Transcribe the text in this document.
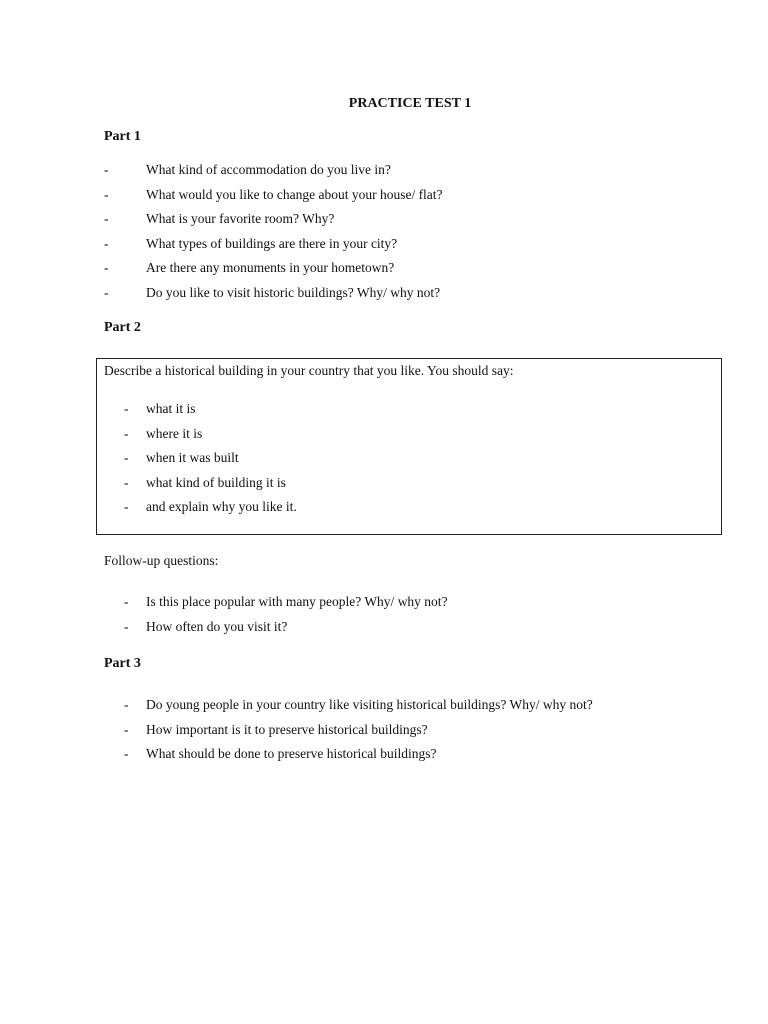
PRACTICE TEST 1
Part 1
-	What kind of accommodation do you live in?
-	What would you like to change about your house/ flat?
-	What is your favorite room? Why?
-	What types of buildings are there in your city?
-	Are there any monuments in your hometown?
-	Do you like to visit historic buildings? Why/ why not?
Part 2
Describe a historical building in your country that you like. You should say:
- what it is
- where it is
- when it was built
- what kind of building it is
- and explain why you like it.
Follow-up questions:
- Is this place popular with many people? Why/ why not?
- How often do you visit it?
Part 3
- Do young people in your country like visiting historical buildings? Why/ why not?
- How important is it to preserve historical buildings?
- What should be done to preserve historical buildings?
